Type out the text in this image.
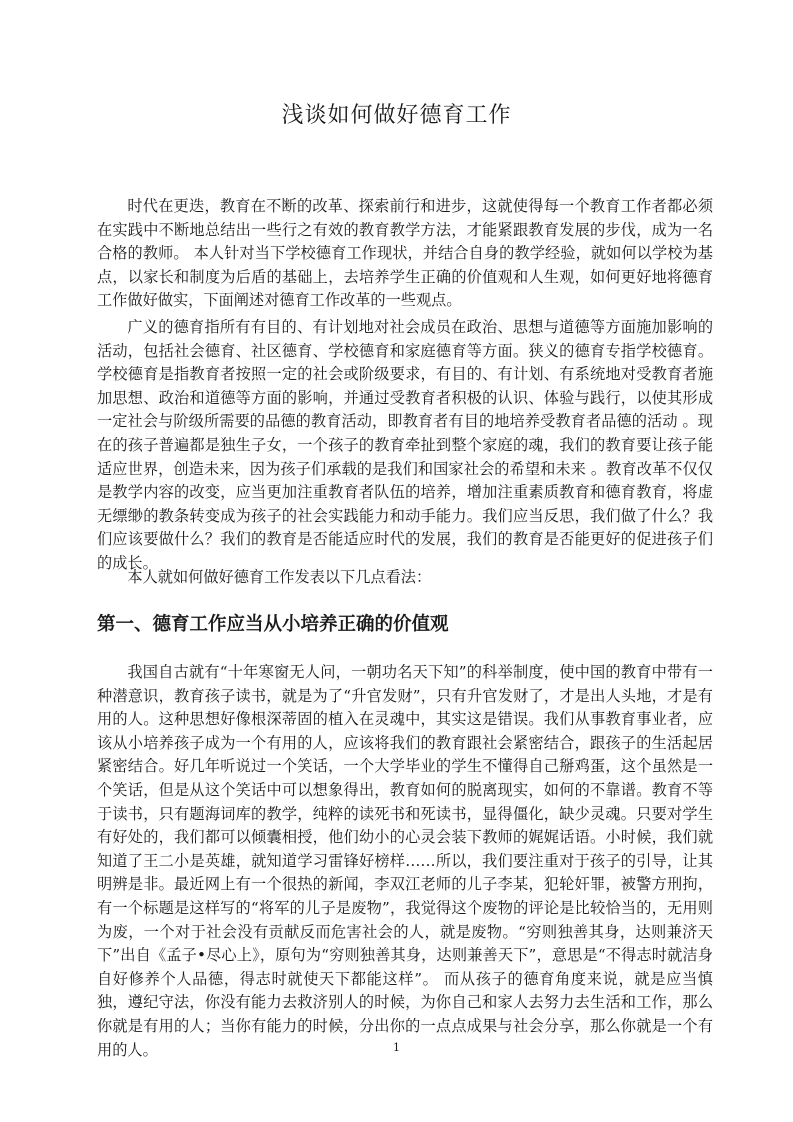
浅谈如何做好德育工作

时代在更迭，教育在不断的改革、探索前行和进步，这就使得每一个教育工作者都必须在实践中不断地总结出一些行之有效的教育教学方法，才能紧跟教育发展的步伐，成为一名合格的教师。 本人针对当下学校德育工作现状，并结合自身的教学经验，就如何以学校为基点，以家长和制度为后盾的基础上，去培养学生正确的价值观和人生观，如何更好地将德育工作做好做实，下面阐述对德育工作改革的一些观点。

广义的德育指所有有目的、有计划地对社会成员在政治、思想与道德等方面施加影响的活动，包括社会德育、社区德育、学校德育和家庭德育等方面。狭义的德育专指学校德育。学校德育是指教育者按照一定的社会或阶级要求，有目的、有计划、有系统地对受教育者施加思想、政治和道德等方面的影响，并通过受教育者积极的认识、体验与践行，以使其形成一定社会与阶级所需要的品德的教育活动，即教育者有目的地培养受教育者品德的活动 。现在的孩子普遍都是独生子女，一个孩子的教育牵扯到整个家庭的魂，我们的教育要让孩子能适应世界，创造未来，因为孩子们承载的是我们和国家社会的希望和未来 。教育改革不仅仅是教学内容的改变，应当更加注重教育者队伍的培养，增加注重素质教育和德育教育，将虚无缥缈的教条转变成为孩子的社会实践能力和动手能力。我们应当反思，我们做了什么？我们应该要做什么？我们的教育是否能适应时代的发展，我们的教育是否能更好的促进孩子们的成长。

本人就如何做好德育工作发表以下几点看法：

第一、德育工作应当从小培养正确的价值观

我国自古就有“十年寒窗无人问，一朝功名天下知”的科举制度，使中国的教育中带有一种潜意识，教育孩子读书，就是为了“升官发财”，只有升官发财了，才是出人头地，才是有用的人。这种思想好像根深蒂固的植入在灵魂中，其实这是错误。我们从事教育事业者，应该从小培养孩子成为一个有用的人，应该将我们的教育跟社会紧密结合，跟孩子的生活起居紧密结合。好几年听说过一个笑话，一个大学毕业的学生不懂得自己掰鸡蛋，这个虽然是一个笑话，但是从这个笑话中可以想象得出，教育如何的脱离现实，如何的不靠谱。教育不等于读书，只有题海词库的教学，纯粹的读死书和死读书，显得僵化，缺少灵魂。只要对学生有好处的，我们都可以倾囊相授，他们幼小的心灵会装下教师的娓娓话语。小时候，我们就知道了王二小是英雄，就知道学习雷锋好榜样……所以，我们要注重对于孩子的引导，让其明辨是非。最近网上有一个很热的新闻，李双江老师的儿子李某，犯轮奸罪，被警方刑拘，有一个标题是这样写的“将军的儿子是废物”，我觉得这个废物的评论是比较恰当的，无用则为废，一个对于社会没有贡献反而危害社会的人，就是废物。“穷则独善其身，达则兼济天下”出自《孟子•尽心上》，原句为“穷则独善其身，达则兼善天下”，意思是“不得志时就洁身自好修养个人品德，得志时就使天下都能这样”。 而从孩子的德育角度来说，就是应当慎独，遵纪守法，你没有能力去救济别人的时候，为你自己和家人去努力去生活和工作，那么你就是有用的人；当你有能力的时候，分出你的一点点成果与社会分享，那么你就是一个有用的人。	1
